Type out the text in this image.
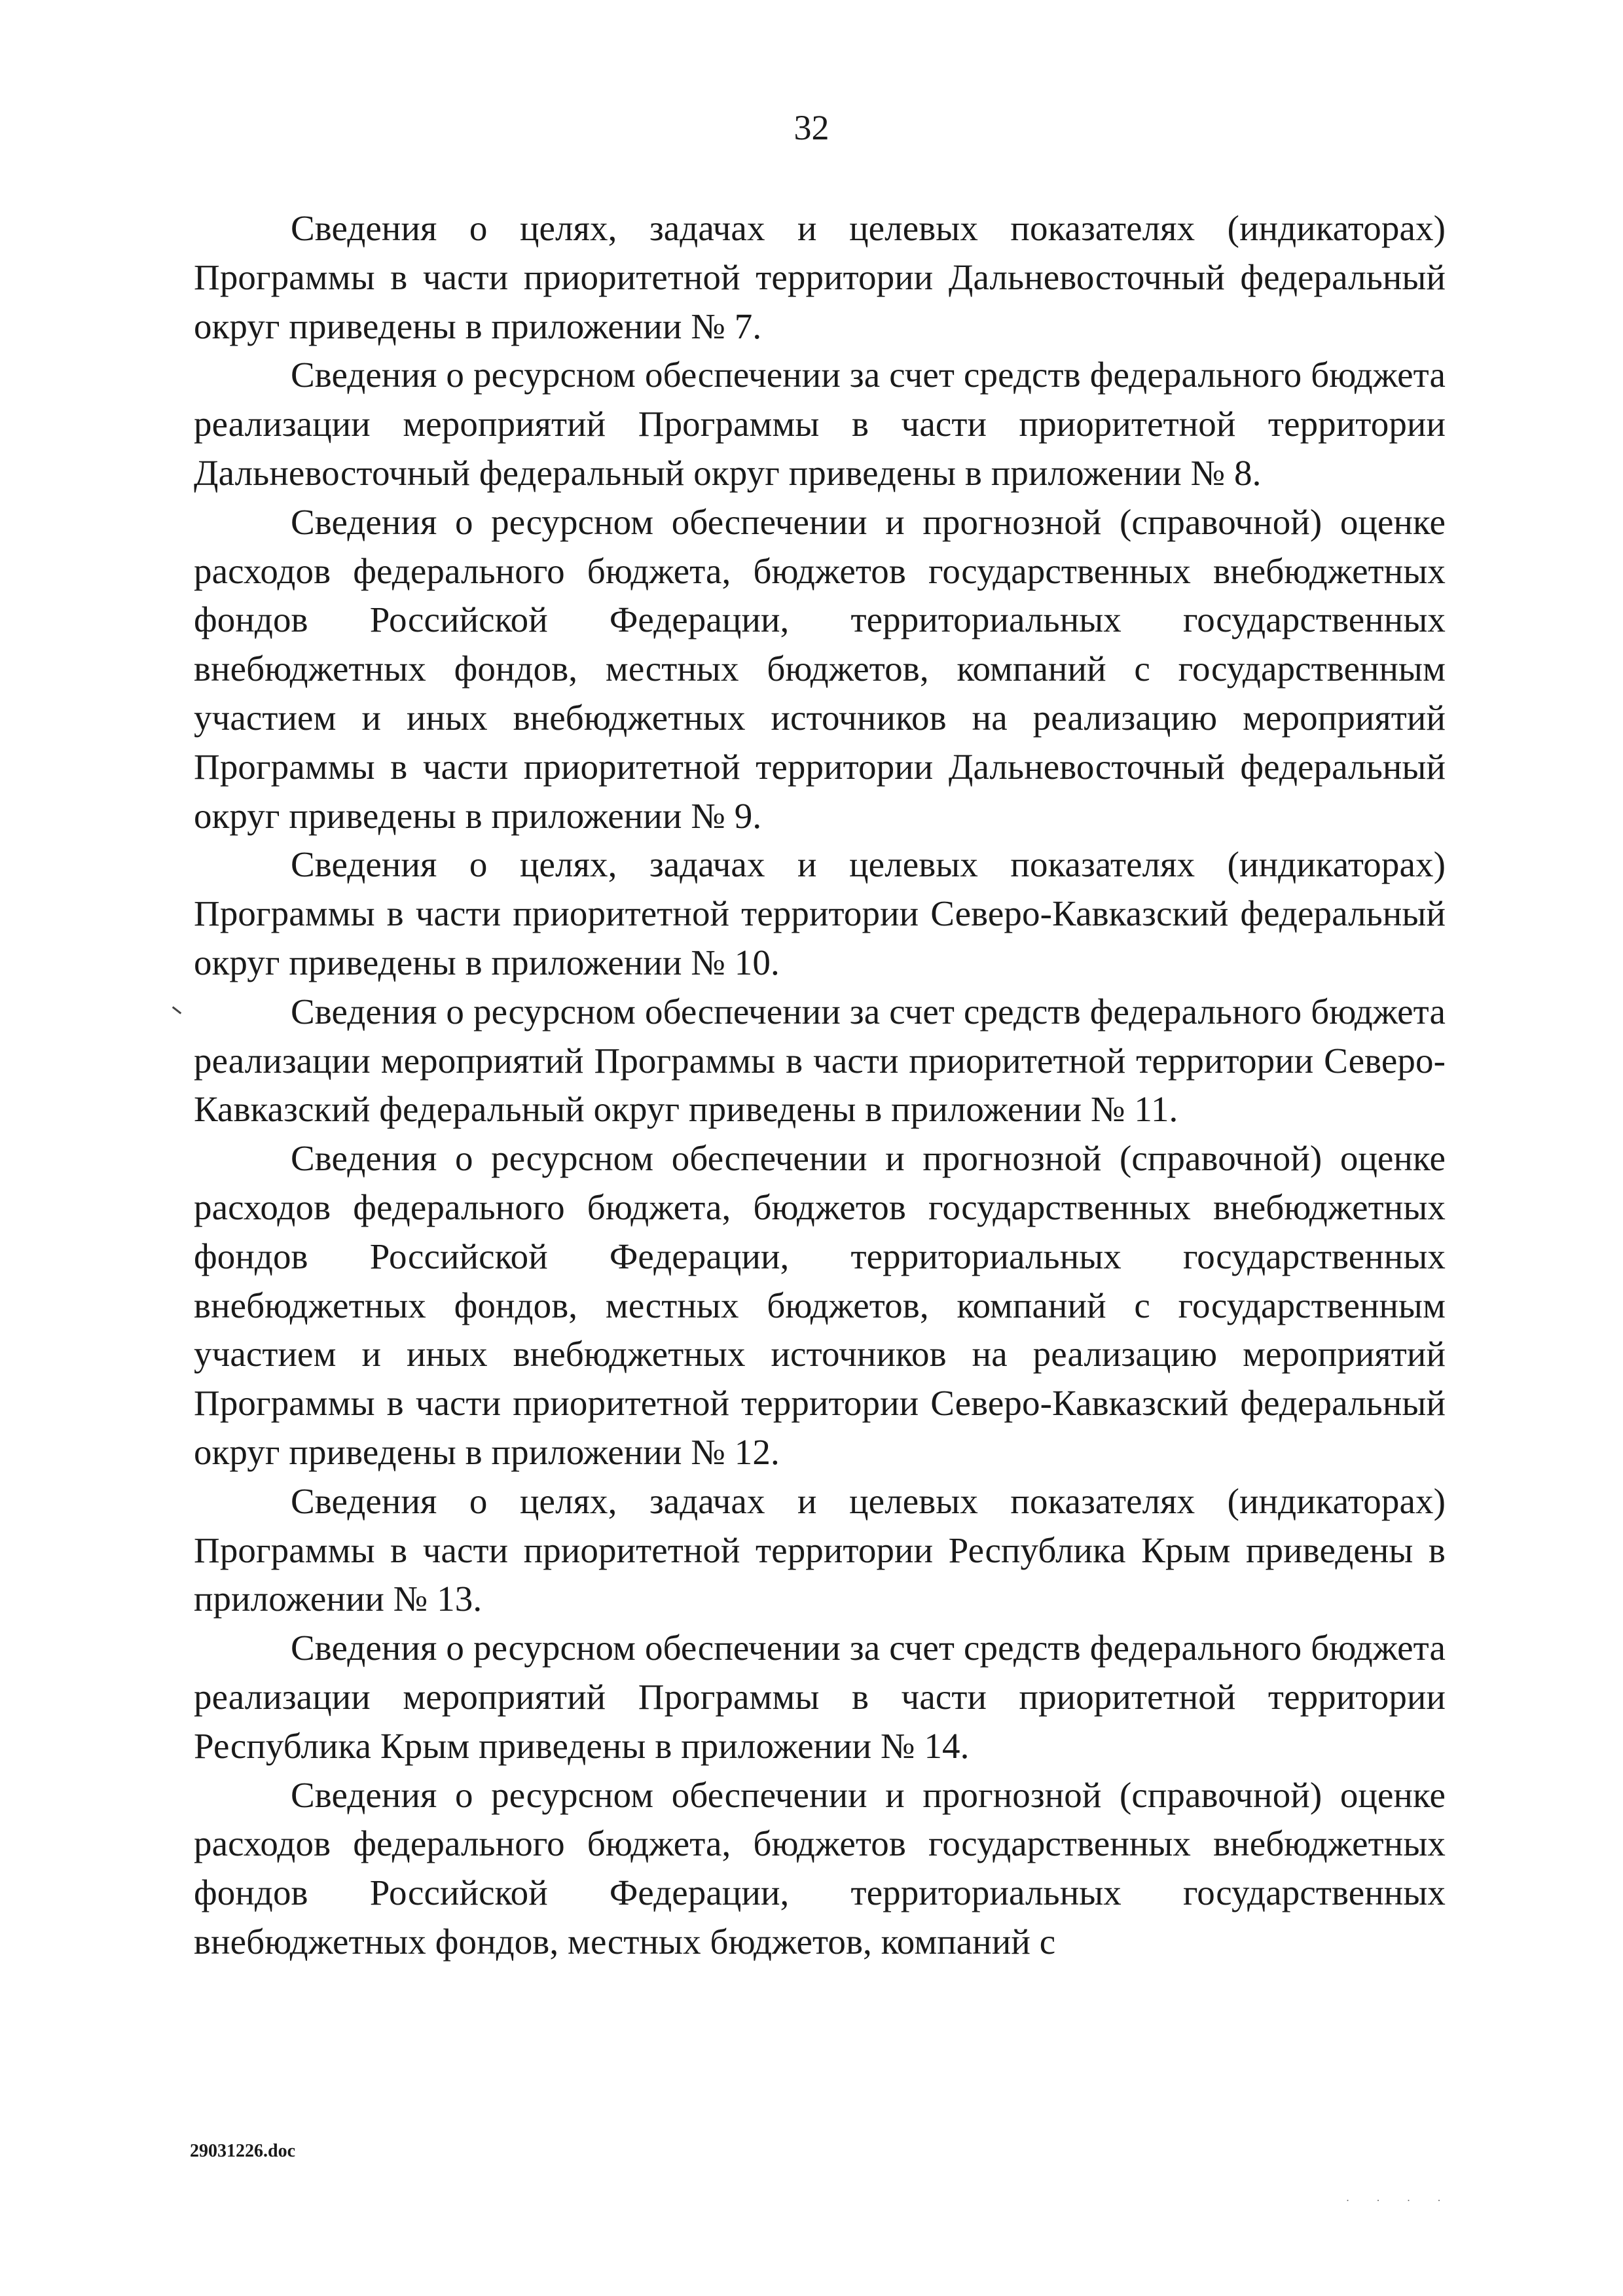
32

Сведения о целях, задачах и целевых показателях (индикаторах) Программы в части приоритетной территории Дальневосточный федеральный округ приведены в приложении № 7.

Сведения о ресурсном обеспечении за счет средств федерального бюджета реализации мероприятий Программы в части приоритетной территории Дальневосточный федеральный округ приведены в приложении № 8.

Сведения о ресурсном обеспечении и прогнозной (справочной) оценке расходов федерального бюджета, бюджетов государственных внебюджетных фондов Российской Федерации, территориальных государственных внебюджетных фондов, местных бюджетов, компаний с государственным участием и иных внебюджетных источников на реализацию мероприятий Программы в части приоритетной территории Дальневосточный федеральный округ приведены в приложении № 9.

Сведения о целях, задачах и целевых показателях (индикаторах) Программы в части приоритетной территории Северо-Кавказский федеральный округ приведены в приложении № 10.

Сведения о ресурсном обеспечении за счет средств федерального бюджета реализации мероприятий Программы в части приоритетной территории Северо-Кавказский федеральный округ приведены в приложении № 11.

Сведения о ресурсном обеспечении и прогнозной (справочной) оценке расходов федерального бюджета, бюджетов государственных внебюджетных фондов Российской Федерации, территориальных государственных внебюджетных фондов, местных бюджетов, компаний с государственным участием и иных внебюджетных источников на реализацию мероприятий Программы в части приоритетной территории Северо-Кавказский федеральный округ приведены в приложении № 12.

Сведения о целях, задачах и целевых показателях (индикаторах) Программы в части приоритетной территории Республика Крым приведены в приложении № 13.

Сведения о ресурсном обеспечении за счет средств федерального бюджета реализации мероприятий Программы в части приоритетной территории Республика Крым приведены в приложении № 14.

Сведения о ресурсном обеспечении и прогнозной (справочной) оценке расходов федерального бюджета, бюджетов государственных внебюджетных фондов Российской Федерации, территориальных государственных внебюджетных фондов, местных бюджетов, компаний с

· · · ·
29031226.doc
